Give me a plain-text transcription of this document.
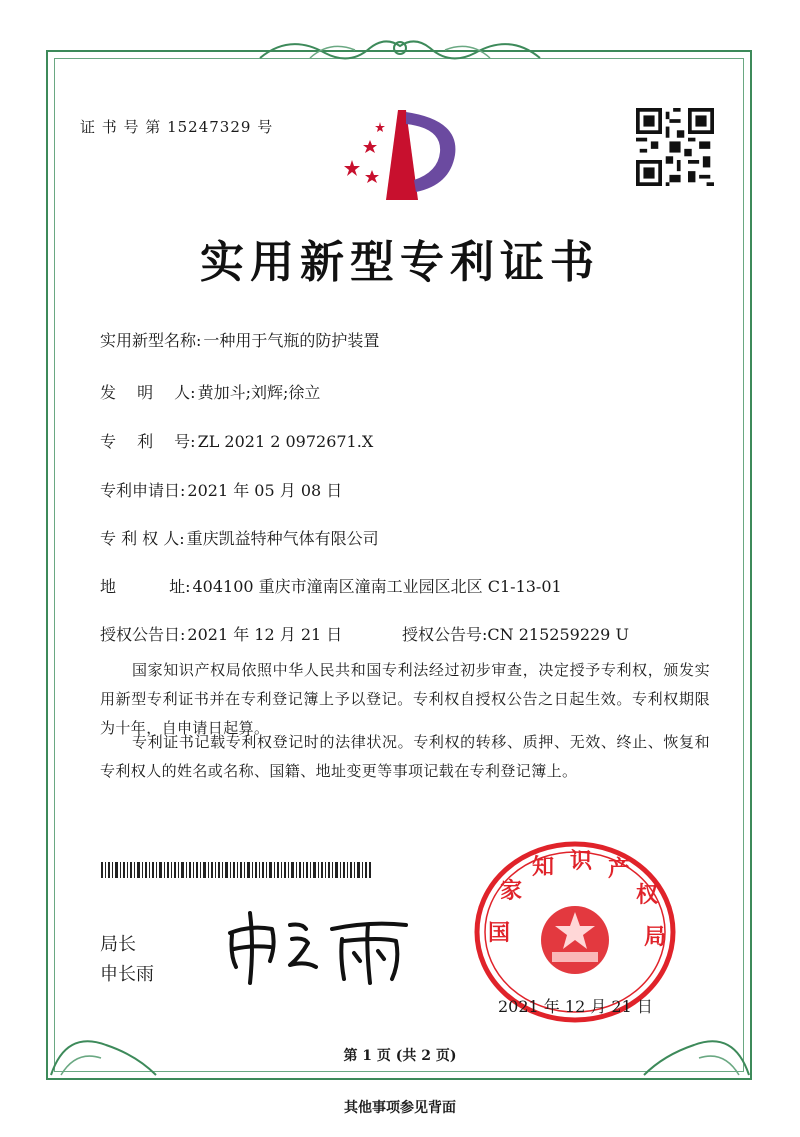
证 书 号 第 15247329 号
实用新型专利证书
实用新型名称: 一种用于气瓶的防护装置
发　 明　 人: 黄加斗;刘辉;徐立
专　 利　 号: ZL 2021 2 0972671.X
专利申请日: 2021 年 05 月 08 日
专 利 权 人: 重庆凯益特种气体有限公司
地　　　 址: 404100 重庆市潼南区潼南工业园区北区 C1-13-01
授权公告日: 2021 年 12 月 21 日	授权公告号:CN 215259229 U
国家知识产权局依照中华人民共和国专利法经过初步审查，决定授予专利权，颁发实用新型专利证书并在专利登记簿上予以登记。专利权自授权公告之日起生效。专利权期限为十年，自申请日起算。
专利证书记载专利权登记时的法律状况。专利权的转移、质押、无效、终止、恢复和专利权人的姓名或名称、国籍、地址变更等事项记载在专利登记簿上。
局长
申长雨
国
家
知 识 产
权
局
2021 年 12 月 21 日
第 1 页 (共 2 页)
其他事项参见背面
